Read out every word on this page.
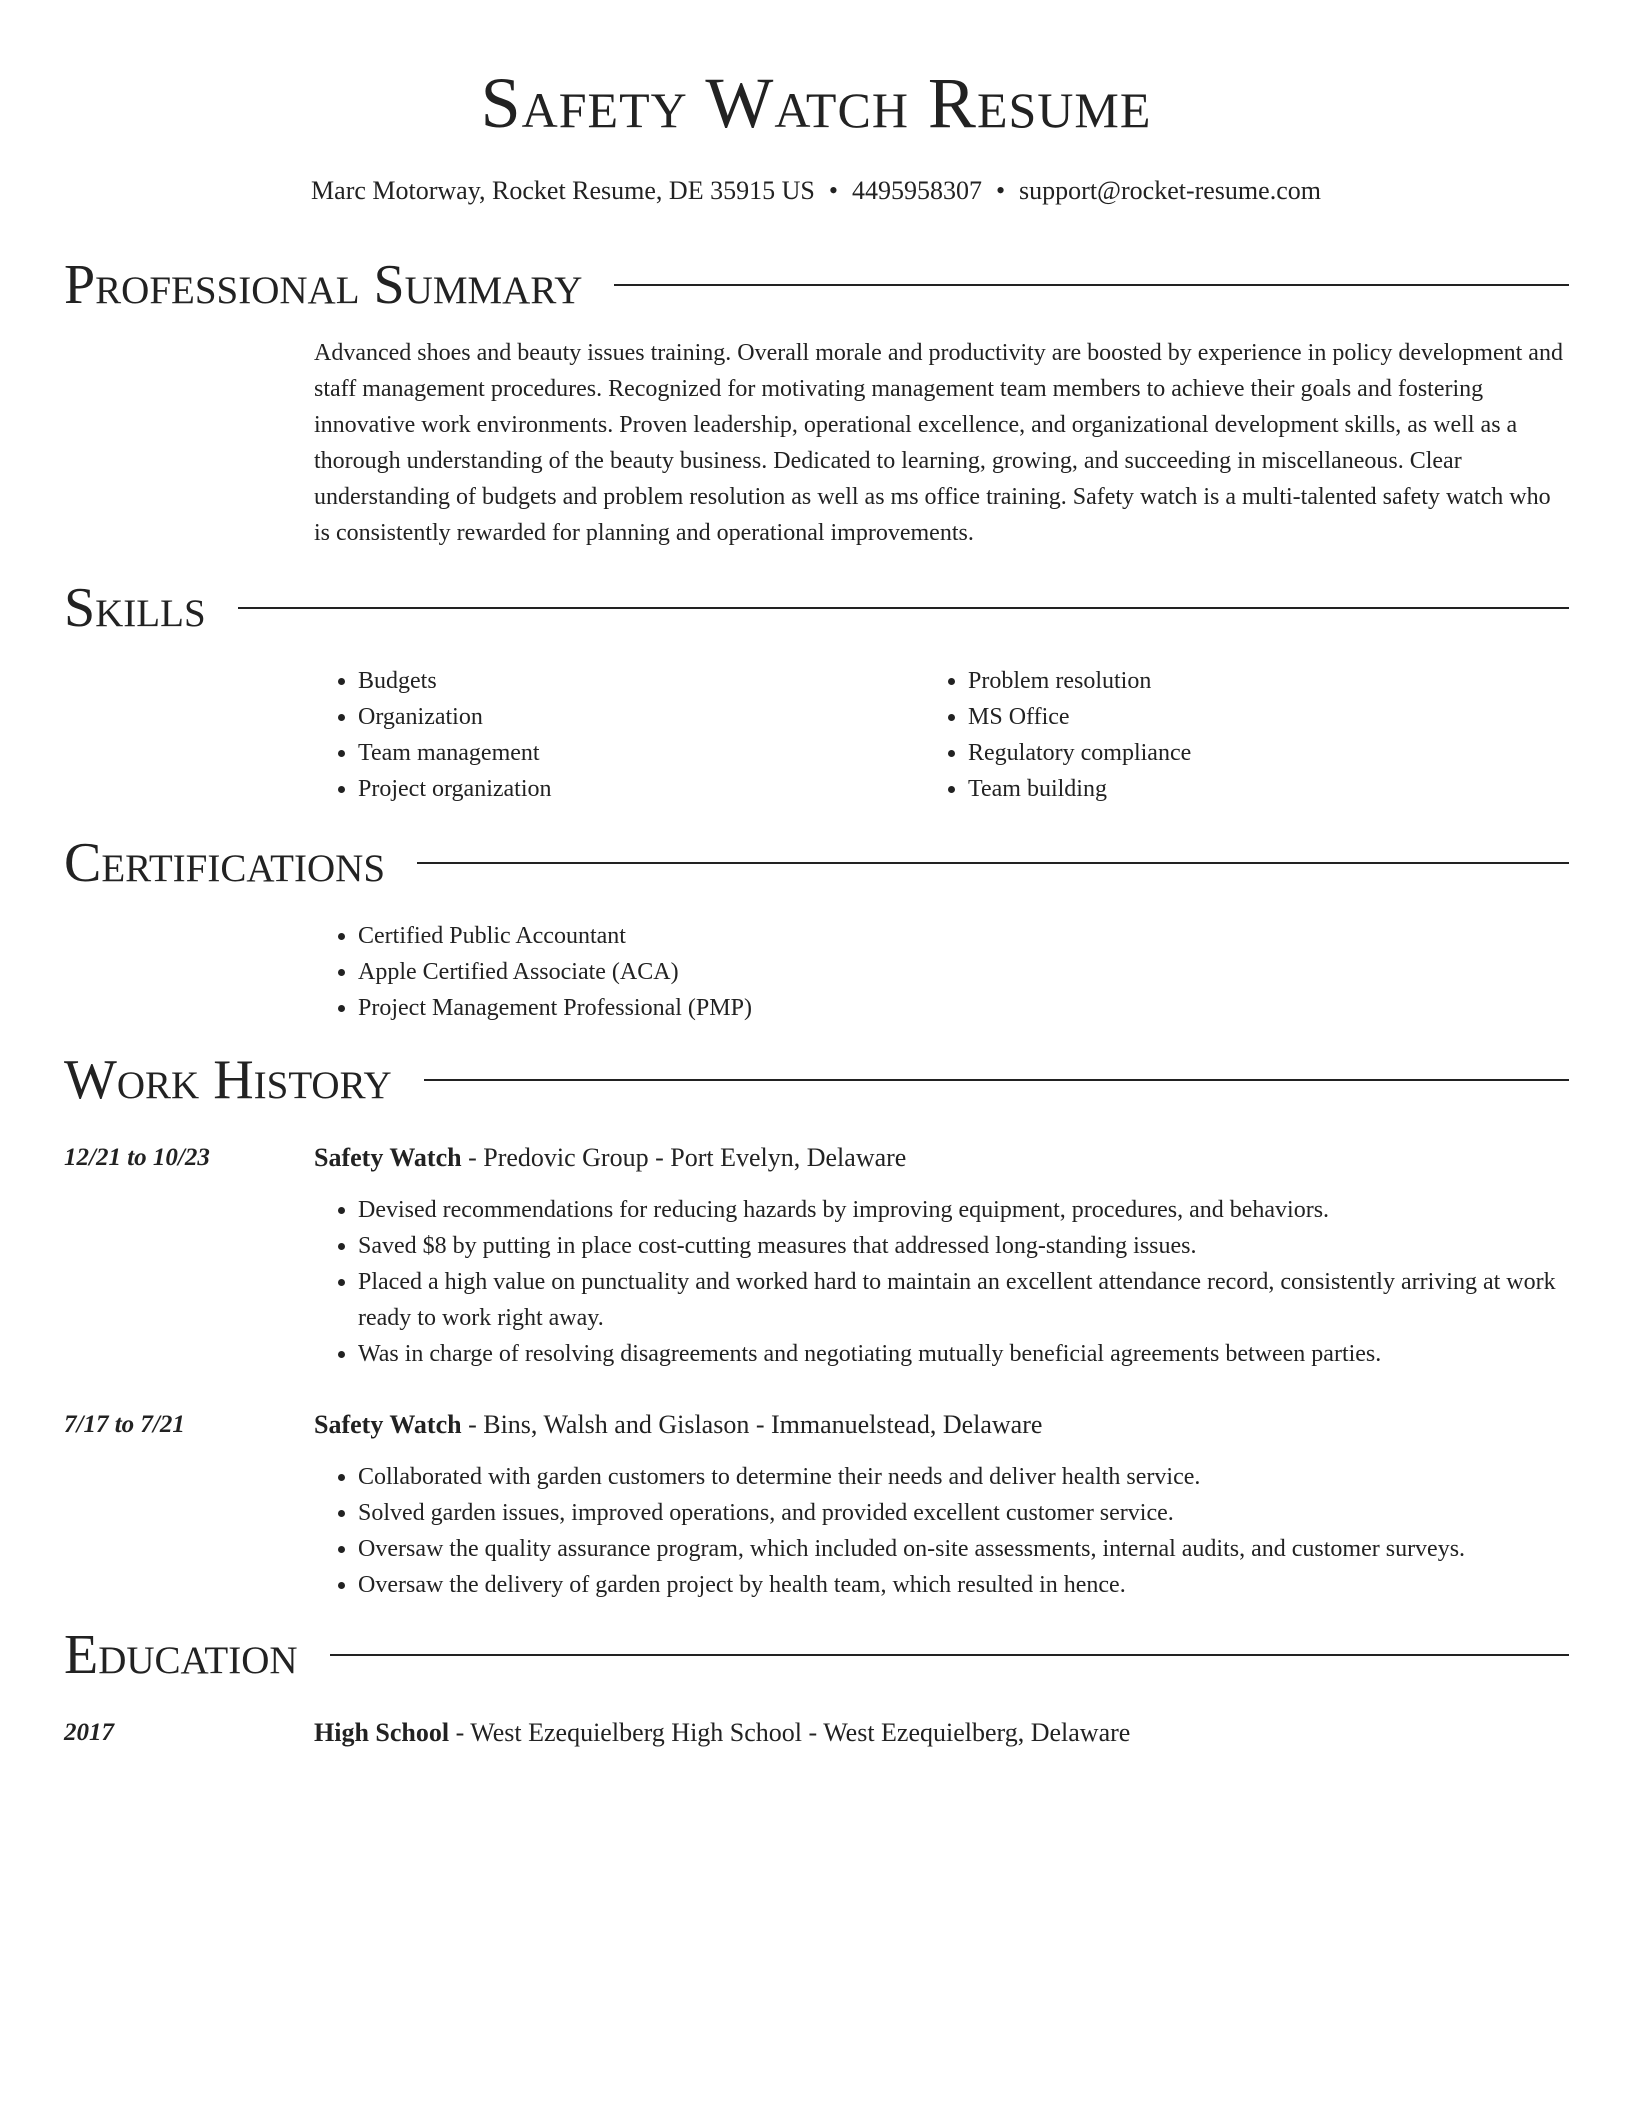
Safety Watch Resume
Marc Motorway, Rocket Resume, DE 35915 US • 4495958307 • support@rocket-resume.com
Professional Summary

Advanced shoes and beauty issues training. Overall morale and productivity are boosted by experience in policy development and staff management procedures. Recognized for motivating management team members to achieve their goals and fostering innovative work environments. Proven leadership, operational excellence, and organizational development skills, as well as a thorough understanding of the beauty business. Dedicated to learning, growing, and succeeding in miscellaneous. Clear understanding of budgets and problem resolution as well as ms office training. Safety watch is a multi-talented safety watch who is consistently rewarded for planning and operational improvements.

Skills
• Budgets
• Organization
• Team management
• Project organization
• Problem resolution
• MS Office
• Regulatory compliance
• Team building
Certifications
• Certified Public Accountant
• Apple Certified Associate (ACA)
• Project Management Professional (PMP)
Work History
12/21 to 10/23	Safety Watch - Predovic Group - Port Evelyn, Delaware
• Devised recommendations for reducing hazards by improving equipment, procedures, and behaviors.
• Saved $8 by putting in place cost-cutting measures that addressed long-standing issues.
• Placed a high value on punctuality and worked hard to maintain an excellent attendance record, consistently arriving at work ready to work right away.
• Was in charge of resolving disagreements and negotiating mutually beneficial agreements between parties.
7/17 to 7/21	Safety Watch - Bins, Walsh and Gislason - Immanuelstead, Delaware
• Collaborated with garden customers to determine their needs and deliver health service.
• Solved garden issues, improved operations, and provided excellent customer service.
• Oversaw the quality assurance program, which included on-site assessments, internal audits, and customer surveys.
• Oversaw the delivery of garden project by health team, which resulted in hence.
Education
2017	High School - West Ezequielberg High School - West Ezequielberg, Delaware
